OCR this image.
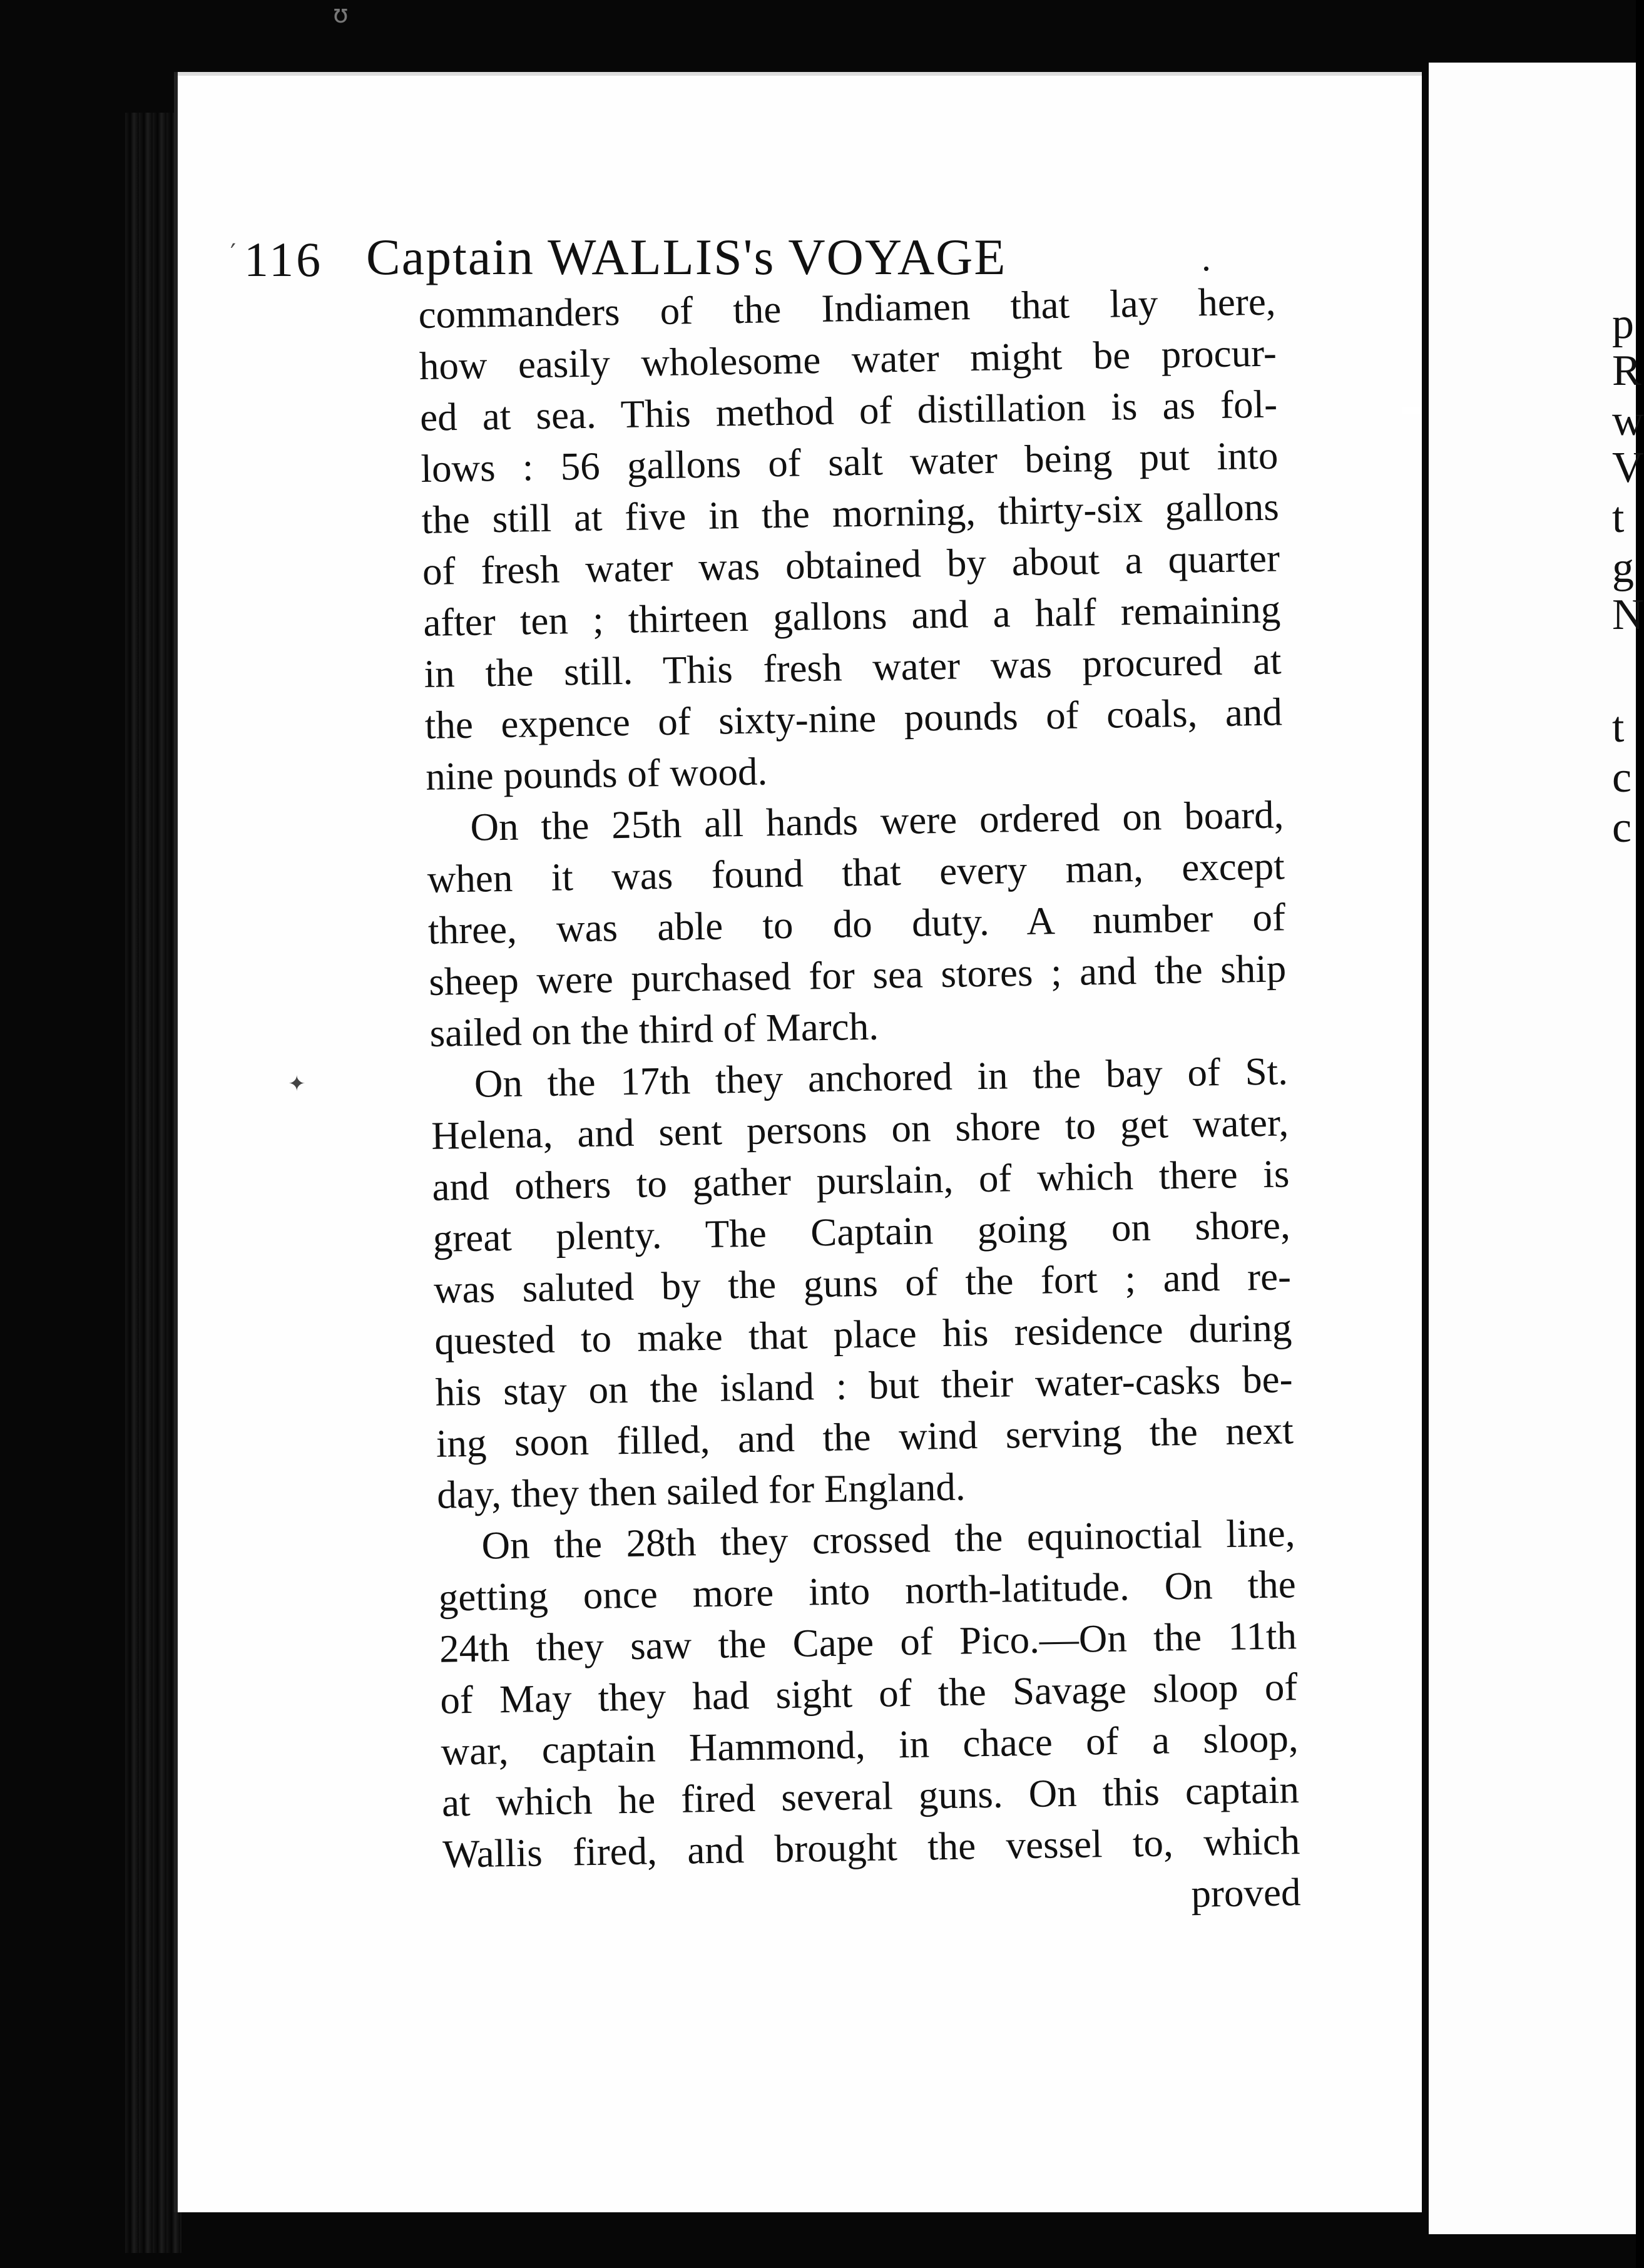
p
R
w
V
t
g
N
t
c
c
′
✦
ʊ
116 Captain WALLIS's VOYAGE	.
commanders of the Indiamen that lay here,
how easily wholesome water might be procur-
ed at sea. This method of distillation is as fol-
lows : 56 gallons of salt water being put into
the still at five in the morning, thirty-six gallons
of fresh water was obtained by about a quarter
after ten ; thirteen gallons and a half remaining
in the still. This fresh water was procured at
the expence of sixty-nine pounds of coals, and
nine pounds of wood.
On the 25th all hands were ordered on board,
when it was found that every man, except
three, was able to do duty. A number of
sheep were purchased for sea stores ; and the ship
sailed on the third of March.
On the 17th they anchored in the bay of St.
Helena, and sent persons on shore to get water,
and others to gather purslain, of which there is
great plenty. The Captain going on shore,
was saluted by the guns of the fort ; and re-
quested to make that place his residence during
his stay on the island : but their water-casks be-
ing soon filled, and the wind serving the next
day, they then sailed for England.
On the 28th they crossed the equinoctial line,
getting once more into north-latitude. On the
24th they saw the Cape of Pico.—On the 11th
of May they had sight of the Savage sloop of
war, captain Hammond, in chace of a sloop,
at which he fired several guns. On this captain
Wallis fired, and brought the vessel to, which
proved
